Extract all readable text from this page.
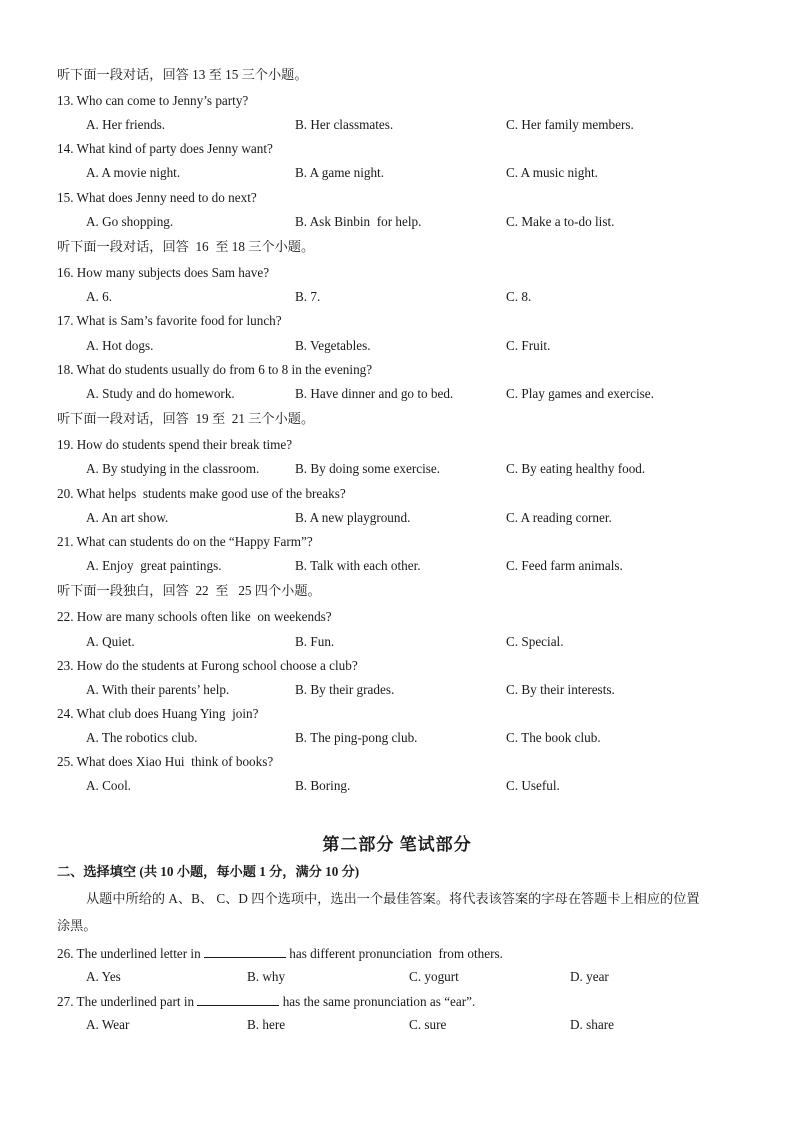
听下面一段对话，回答 13 至 15 三个小题。
13. Who can come to Jenny’s party?
A. Her friends.	B. Her classmates.	C. Her family members.
14. What kind of party does Jenny want?
A. A movie night.	B. A game night.	C. A music night.
15. What does Jenny need to do next?
A. Go shopping.	B. Ask Binbin  for help.	C. Make a to-do list.
听下面一段对话，回答  16  至 18 三个小题。
16. How many subjects does Sam have?
A. 6.	B. 7.	C. 8.
17. What is Sam’s favorite food for lunch?
A. Hot dogs.	B. Vegetables.	C. Fruit.
18. What do students usually do from 6 to 8 in the evening?
A. Study and do homework.	B. Have dinner and go to bed.	C. Play games and exercise.
听下面一段对话，回答  19 至  21 三个小题。
19. How do students spend their break time?
A. By studying in the classroom.	B. By doing some exercise.	C. By eating healthy food.
20. What helps  students make good use of the breaks?
A. An art show.	B. A new playground.	C. A reading corner.
21. What can students do on the “Happy Farm”?
A. Enjoy  great paintings.	B. Talk with each other.	C. Feed farm animals.
听下面一段独白，回答  22  至   25 四个小题。
22. How are many schools often like  on weekends?
A. Quiet.	B. Fun.	C. Special.
23. How do the students at Furong school choose a club?
A. With their parents’ help.	B. By their grades.	C. By their interests.
24. What club does Huang Ying  join?
A. The robotics club.	B. The ping-pong club.	C. The book club.
25. What does Xiao Hui  think of books?
A. Cool.	B. Boring.	C. Useful.
第二部分 笔试部分
二、选择填空 (共 10 小题，每小题 1 分，满分 10 分)
从题中所给的 A、B、 C、D 四个选项中，选出一个最佳答案。将代表该答案的字母在答题卡上相应的位置
涂黑。
26. The underlined letter in	has different pronunciation  from others.
A. Yes	B. why	C. yogurt	D. year
27. The underlined part in	has the same pronunciation as “ear”.
A. Wear	B. here	C. sure	D. share
